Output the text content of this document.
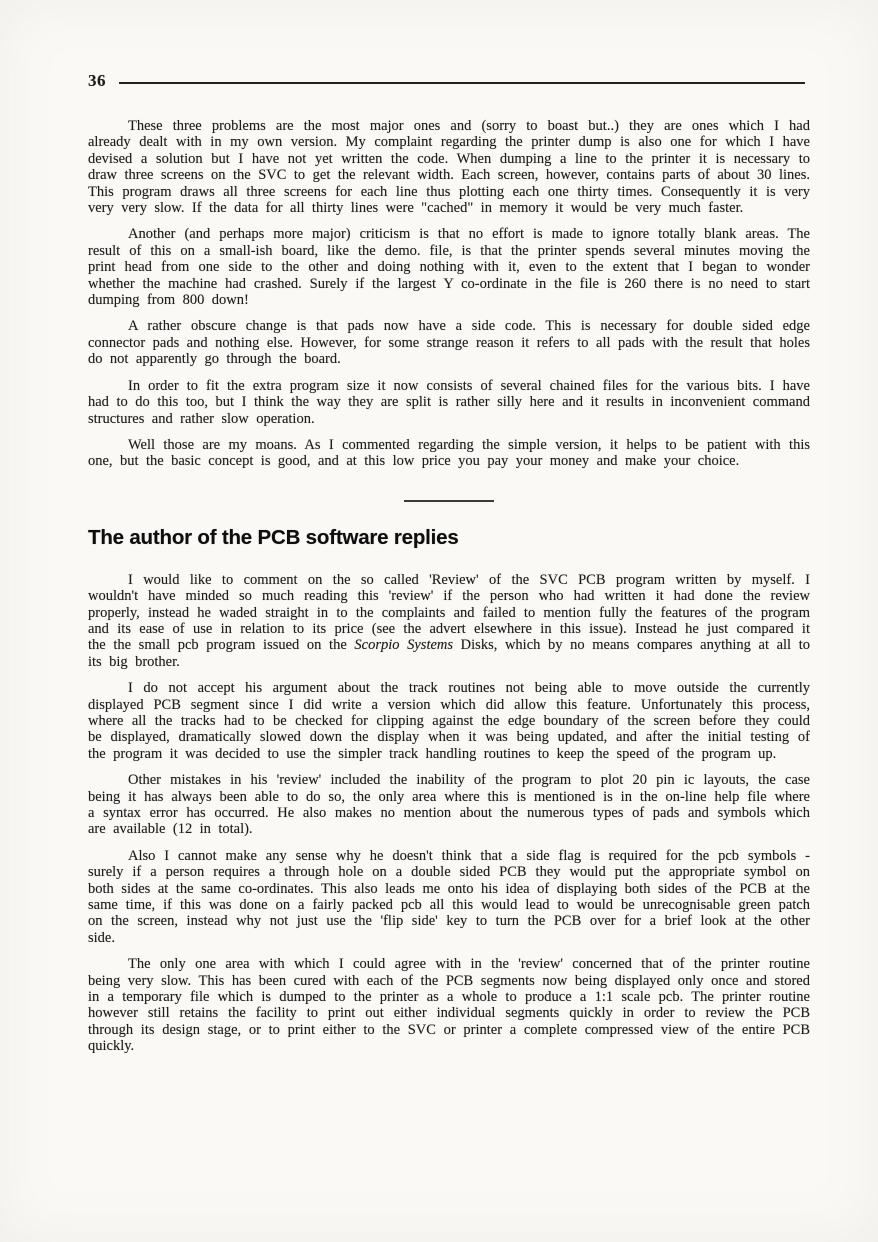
36

These three problems are the most major ones and (sorry to boast but..) they are ones which I had already dealt with in my own version. My complaint regarding the printer dump is also one for which I have devised a solution but I have not yet written the code. When dumping a line to the printer it is necessary to draw three screens on the SVC to get the relevant width. Each screen, however, contains parts of about 30 lines. This program draws all three screens for each line thus plotting each one thirty times. Consequently it is very very very slow. If the data for all thirty lines were "cached" in memory it would be very much faster.

Another (and perhaps more major) criticism is that no effort is made to ignore totally blank areas. The result of this on a small-ish board, like the demo. file, is that the printer spends several minutes moving the print head from one side to the other and doing nothing with it, even to the extent that I began to wonder whether the machine had crashed. Surely if the largest Y co-ordinate in the file is 260 there is no need to start dumping from 800 down!

A rather obscure change is that pads now have a side code. This is necessary for double sided edge connector pads and nothing else. However, for some strange reason it refers to all pads with the result that holes do not apparently go through the board.

In order to fit the extra program size it now consists of several chained files for the various bits. I have had to do this too, but I think the way they are split is rather silly here and it results in inconvenient command structures and rather slow operation.

Well those are my moans. As I commented regarding the simple version, it helps to be patient with this one, but the basic concept is good, and at this low price you pay your money and make your choice.

The author of the PCB software replies

I would like to comment on the so called 'Review' of the SVC PCB program written by myself. I wouldn't have minded so much reading this 'review' if the person who had written it had done the review properly, instead he waded straight in to the complaints and failed to mention fully the features of the program and its ease of use in relation to its price (see the advert elsewhere in this issue). Instead he just compared it the the small pcb program issued on the Scorpio Systems Disks, which by no means compares anything at all to its big brother.

I do not accept his argument about the track routines not being able to move outside the currently displayed PCB segment since I did write a version which did allow this feature. Unfortunately this process, where all the tracks had to be checked for clipping against the edge boundary of the screen before they could be displayed, dramatically slowed down the display when it was being updated, and after the initial testing of the program it was decided to use the simpler track handling routines to keep the speed of the program up.

Other mistakes in his 'review' included the inability of the program to plot 20 pin ic layouts, the case being it has always been able to do so, the only area where this is mentioned is in the on-line help file where a syntax error has occurred. He also makes no mention about the numerous types of pads and symbols which are available (12 in total).

Also I cannot make any sense why he doesn't think that a side flag is required for the pcb symbols - surely if a person requires a through hole on a double sided PCB they would put the appropriate symbol on both sides at the same co-ordinates. This also leads me onto his idea of displaying both sides of the PCB at the same time, if this was done on a fairly packed pcb all this would lead to would be unrecognisable green patch on the screen, instead why not just use the 'flip side' key to turn the PCB over for a brief look at the other side.

The only one area with which I could agree with in the 'review' concerned that of the printer routine being very slow. This has been cured with each of the PCB segments now being displayed only once and stored in a temporary file which is dumped to the printer as a whole to produce a 1:1 scale pcb. The printer routine however still retains the facility to print out either individual segments quickly in order to review the PCB through its design stage, or to print either to the SVC or printer a complete compressed view of the entire PCB quickly.
